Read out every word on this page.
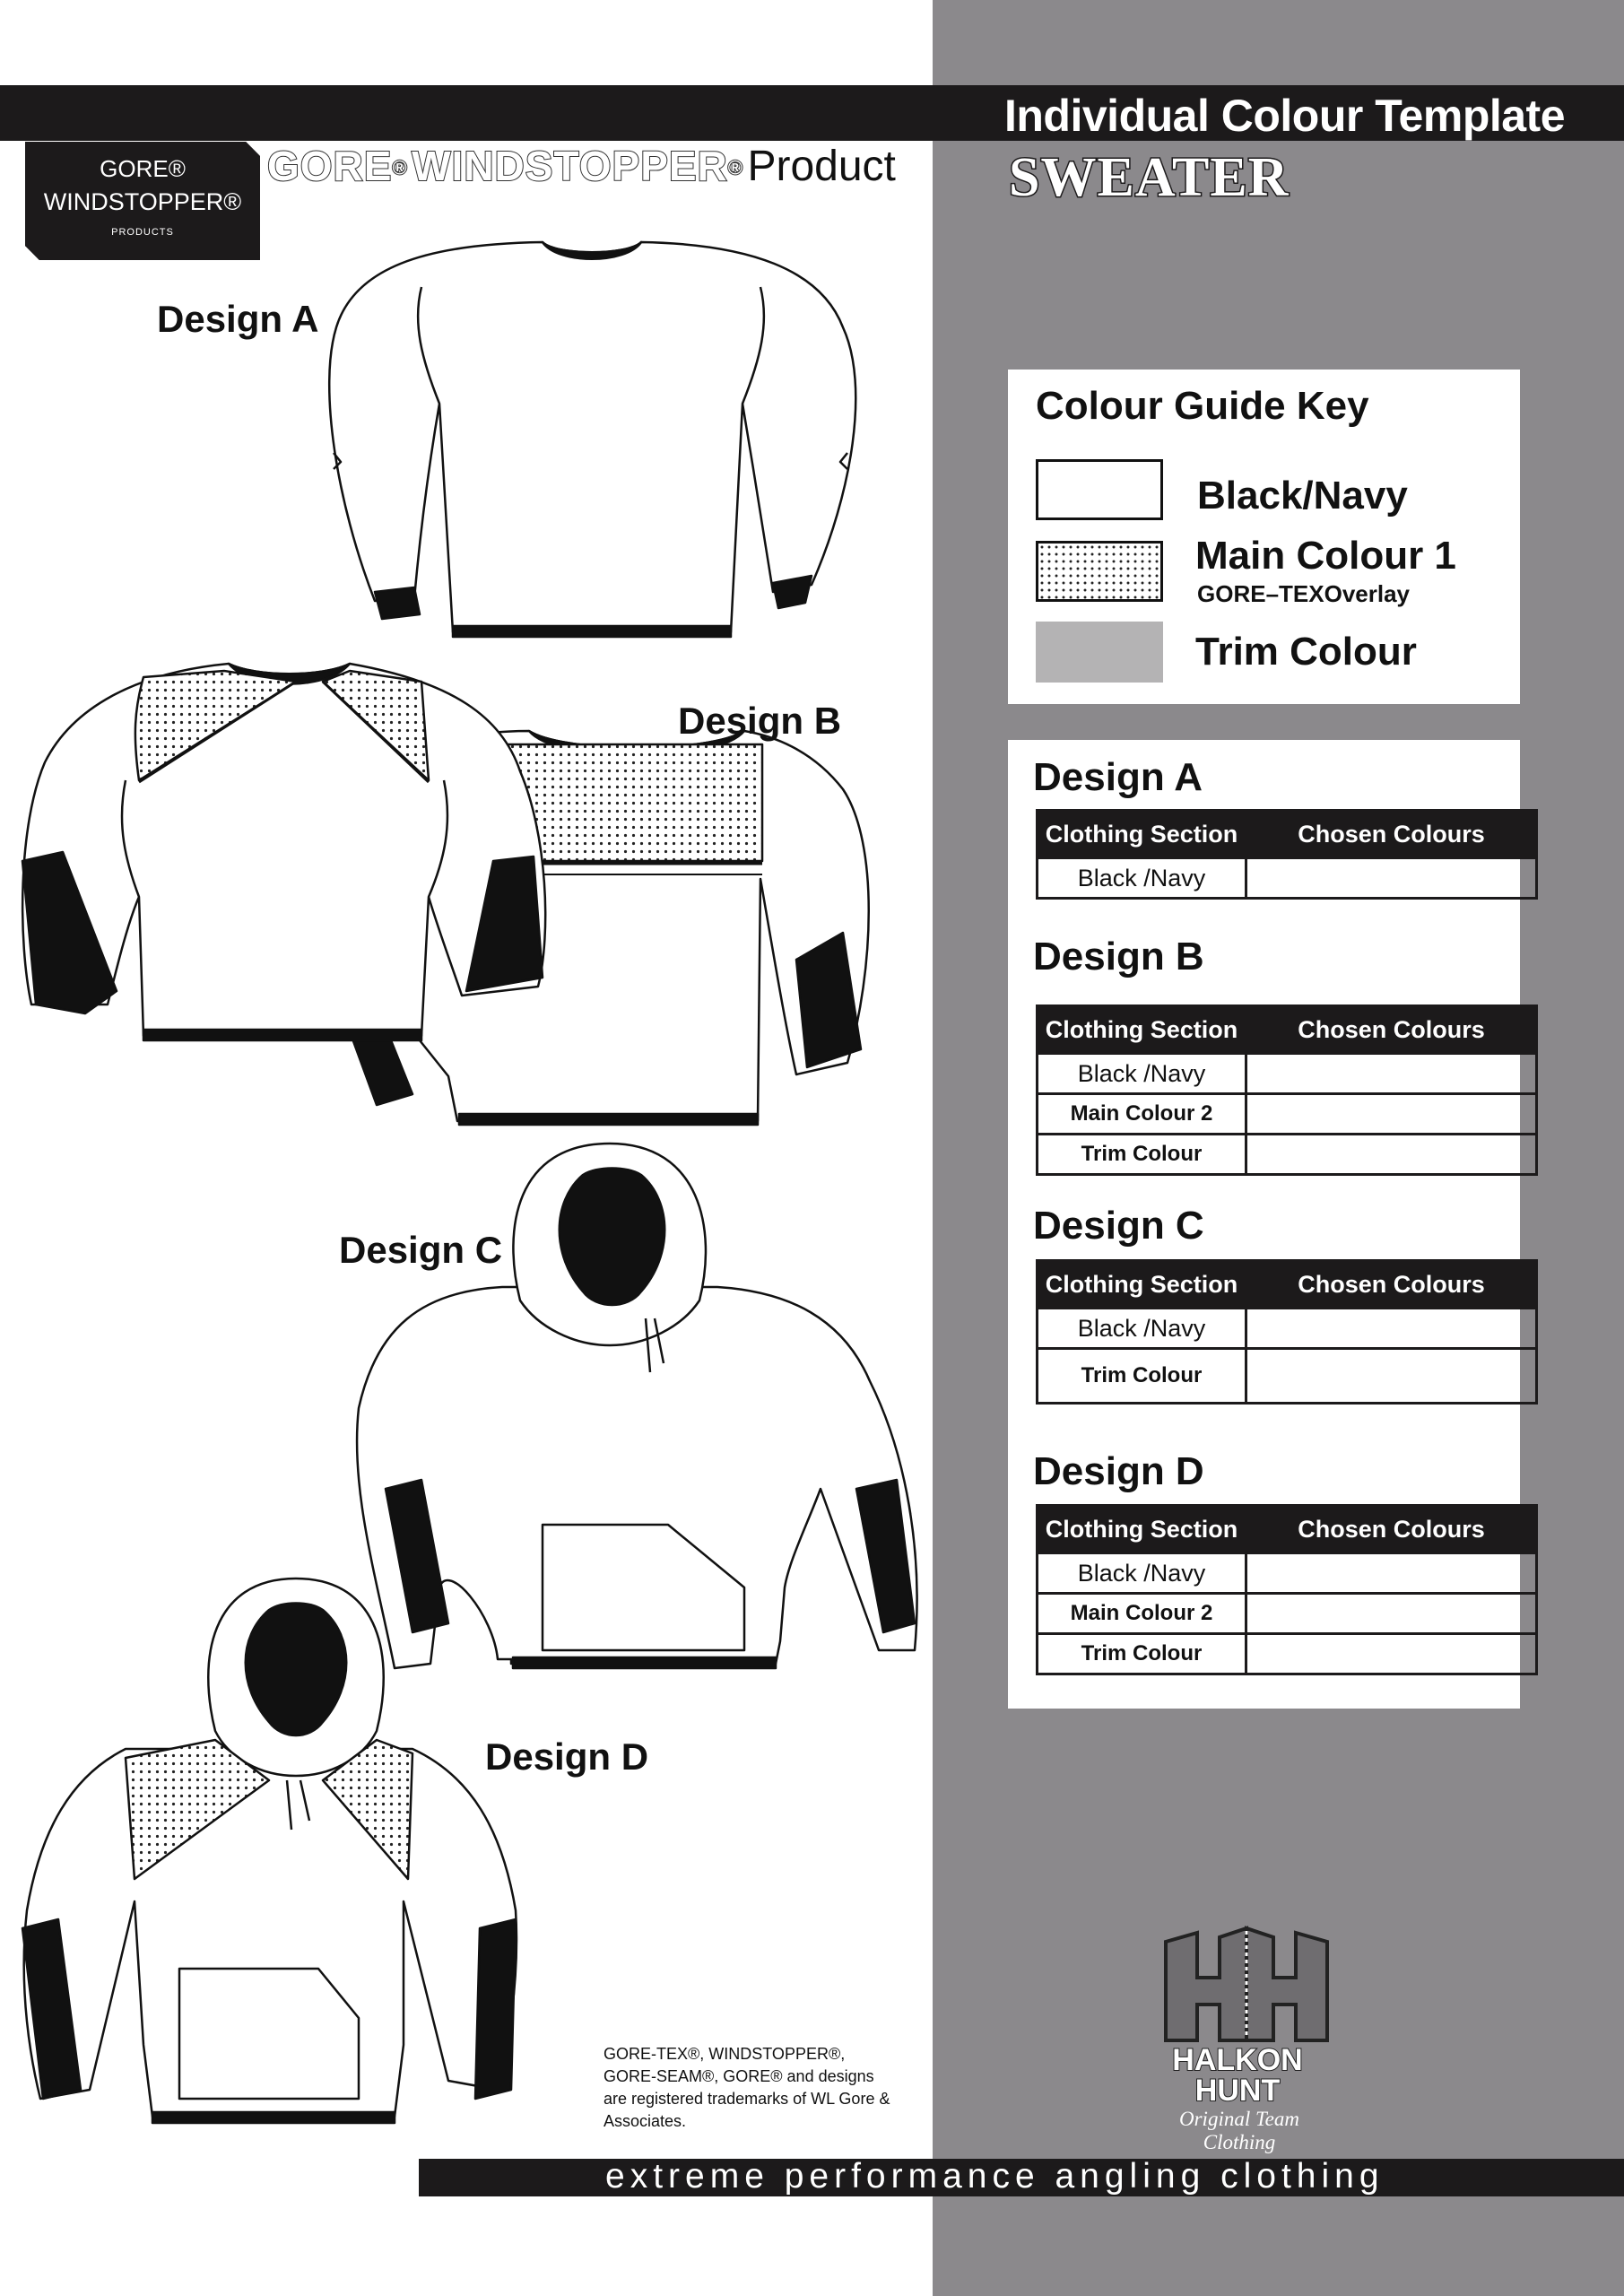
Individual Colour Template
SWEATER
GORE®
WINDSTOPPER®
PRODUCTS
GORE® WINDSTOPPER® Product
Design A
Design B
Design C
Design D
Colour Guide Key
Black/Navy
Main Colour 1
GORE–TEXOverlay
Trim Colour
Design A
Clothing Section	Chosen Colours
Black /Navy	
Design B
Clothing Section	Chosen Colours
Black /Navy	
Main Colour 2	
Trim Colour	
Design C
Clothing Section	Chosen Colours
Black /Navy	
Trim Colour	
Design D
Clothing Section	Chosen Colours
Black /Navy	
Main Colour 2	
Trim Colour	
GORE-TEX®, WINDSTOPPER®, GORE-SEAM®, GORE® and designs are registered trademarks of WL Gore & Associates.
HALKON
HUNT
Original Team Clothing
extreme performance angling clothing
